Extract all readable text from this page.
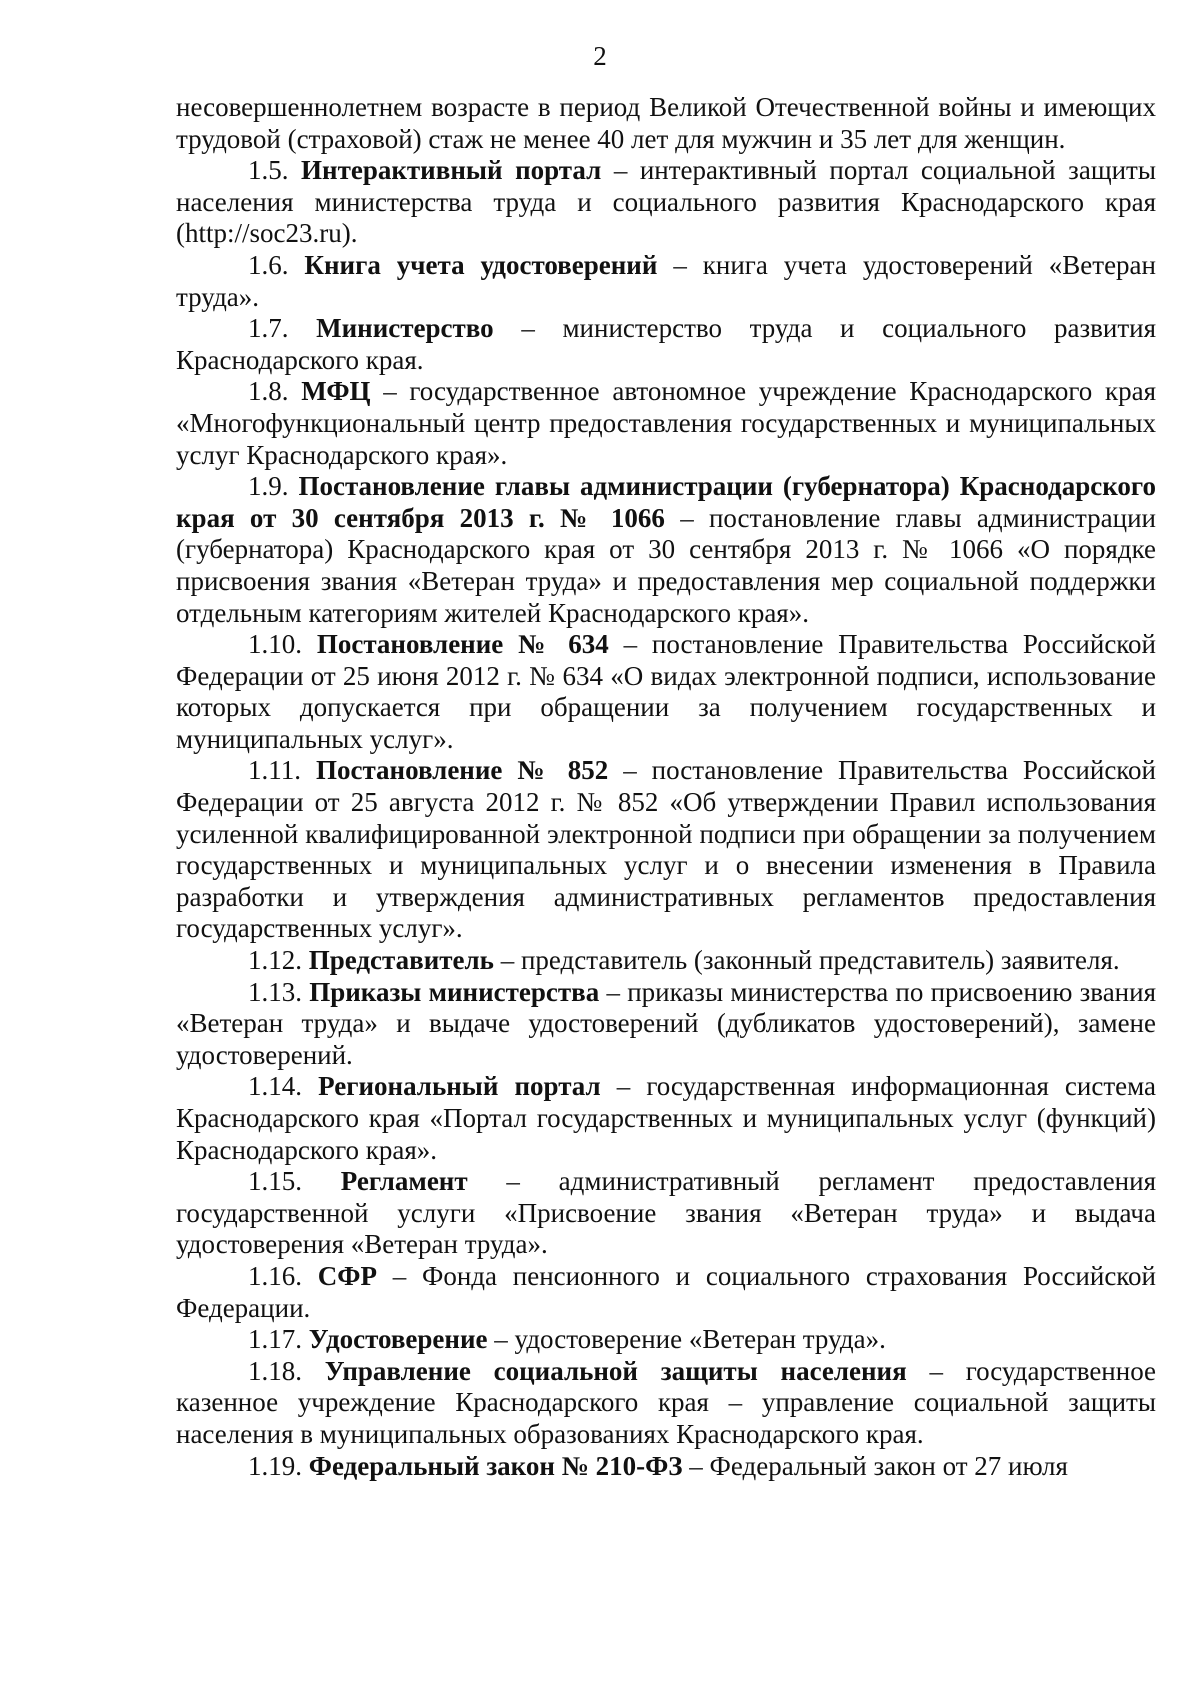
2

несовершеннолетнем возрасте в период Великой Отечественной войны и имеющих трудовой (страховой) стаж не менее 40 лет для мужчин и 35 лет для женщин.

1.5. Интерактивный портал – интерактивный портал социальной защиты населения министерства труда и социального развития Краснодарского края (http://soc23.ru).

1.6. Книга учета удостоверений – книга учета удостоверений «Ветеран труда».

1.7. Министерство – министерство труда и социального развития Краснодарского края.

1.8. МФЦ – государственное автономное учреждение Краснодарского края «Многофункциональный центр предоставления государственных и муниципальных услуг Краснодарского края».

1.9. Постановление главы администрации (губернатора) Краснодарского края от 30 сентября 2013 г. № 1066 – постановление главы администрации (губернатора) Краснодарского края от 30 сентября 2013 г. № 1066 «О порядке присвоения звания «Ветеран труда» и предоставления мер социальной поддержки отдельным категориям жителей Краснодарского края».

1.10. Постановление № 634 – постановление Правительства Российской Федерации от 25 июня 2012 г. № 634 «О видах электронной подписи, использование которых допускается при обращении за получением государственных и муниципальных услуг».

1.11. Постановление № 852 – постановление Правительства Российской Федерации от 25 августа 2012 г. № 852 «Об утверждении Правил использования усиленной квалифицированной электронной подписи при обращении за получением государственных и муниципальных услуг и о внесении изменения в Правила разработки и утверждения административных регламентов предоставления государственных услуг».

1.12. Представитель – представитель (законный представитель) заявителя.

1.13. Приказы министерства – приказы министерства по присвоению звания «Ветеран труда» и выдаче удостоверений (дубликатов удостоверений), замене удостоверений.

1.14. Региональный портал – государственная информационная система Краснодарского края «Портал государственных и муниципальных услуг (функций) Краснодарского края».

1.15. Регламент – административный регламент предоставления государственной услуги «Присвоение звания «Ветеран труда» и выдача удостоверения «Ветеран труда».

1.16. СФР – Фонда пенсионного и социального страхования Российской Федерации.

1.17. Удостоверение – удостоверение «Ветеран труда».

1.18. Управление социальной защиты населения – государственное казенное учреждение Краснодарского края – управление социальной защиты населения в муниципальных образованиях Краснодарского края.

1.19. Федеральный закон № 210-ФЗ – Федеральный закон от 27 июля
